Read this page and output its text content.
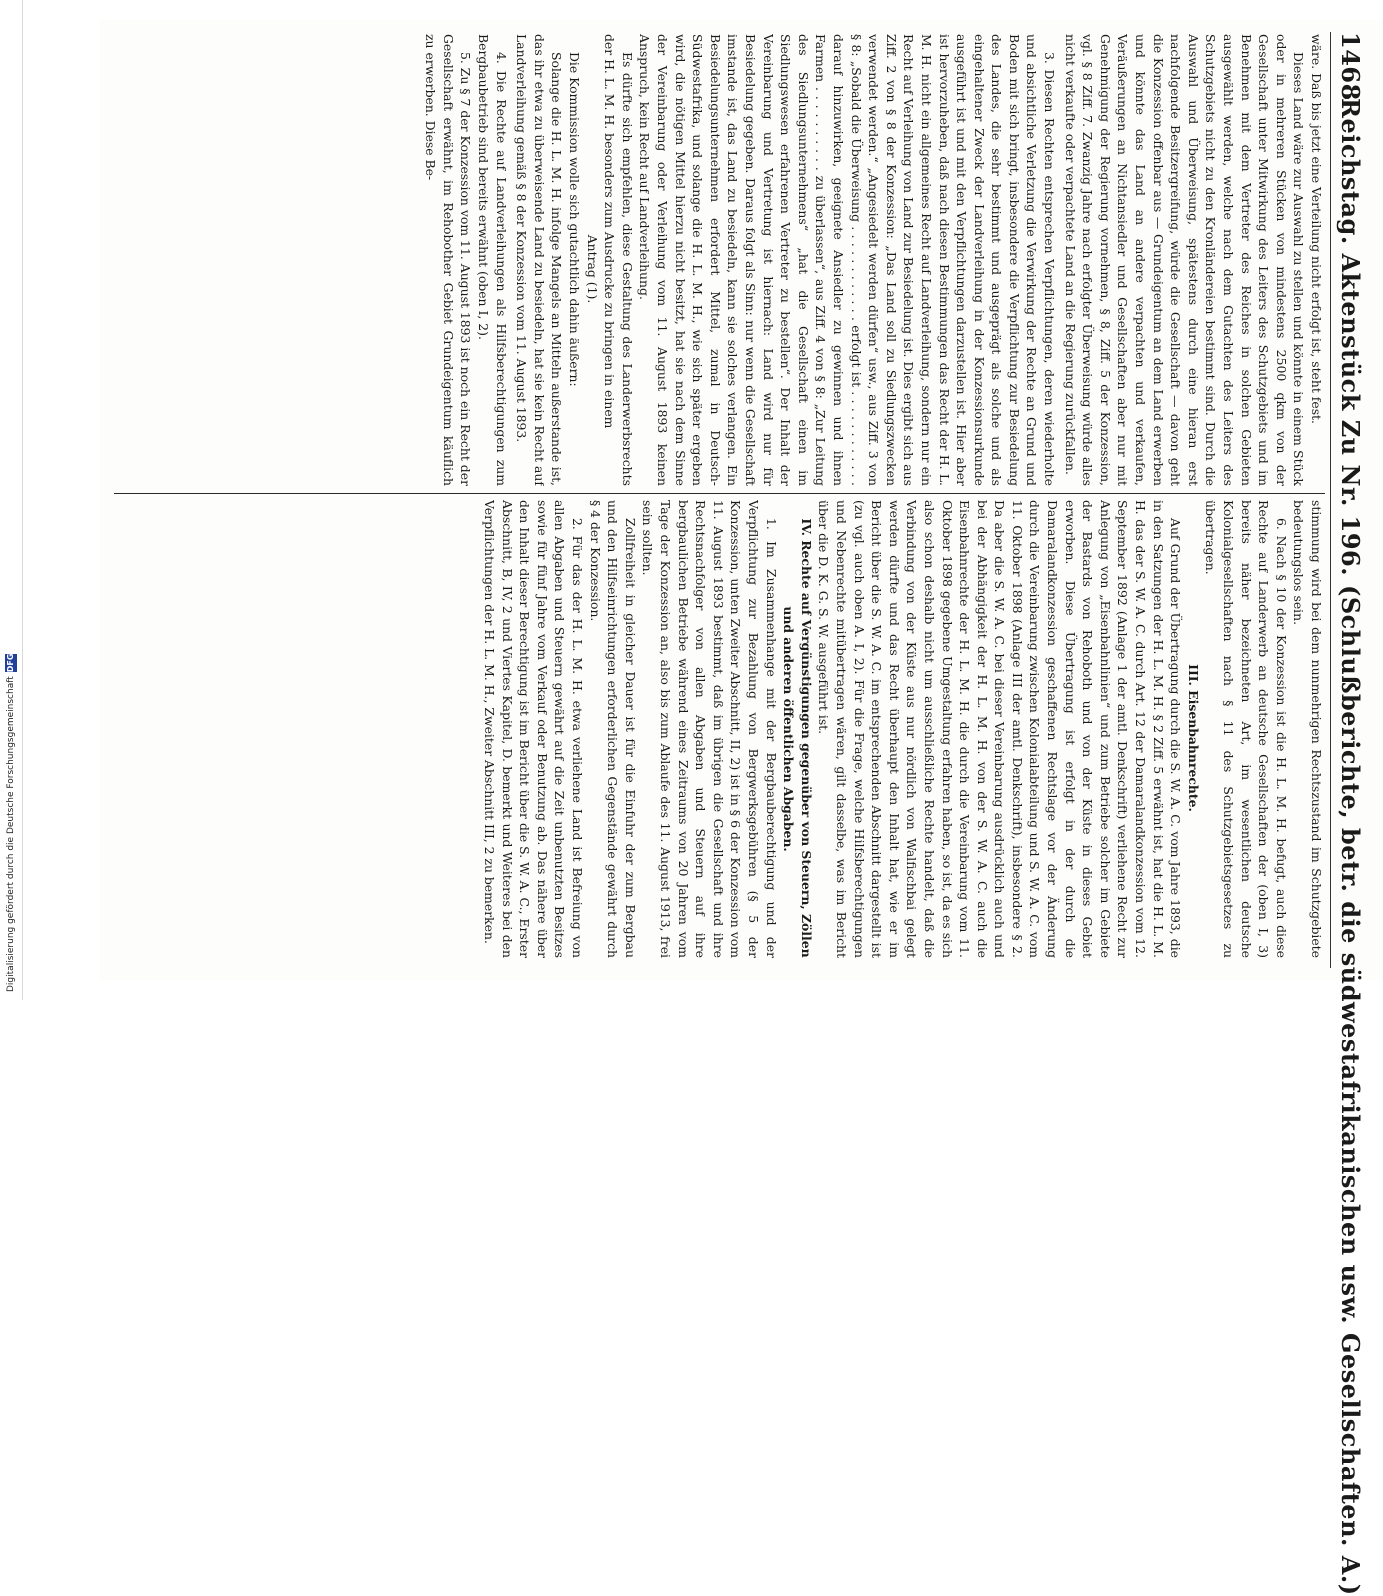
Digitalisierung gefördert durch die Deutsche Forschungsgemeinschaft
DFG
1468
Reichstag. Aktenstück Zu Nr. 196. (Schlußberichte, betr. die südwestafrikanischen usw. Gesellschaften. A.)

wäre. Daß bis jetzt eine Verteilung nicht erfolgt ist, steht fest.

Dieses Land wäre zur Auswahl zu stellen und könnte in einem Stück oder in mehreren Stücken von mindestens 2500 qkm von der Gesellschaft unter Mitwirkung des Leiters des Schutzgebiets und im Benehmen mit dem Vertreter des Reiches in solchen Gebieten ausgewählt werden, welche nach dem Gutachten des Leiters des Schutzgebiets nicht zu den Kronländereien bestimmt sind. Durch die Auswahl und Überweisung, spätestens durch eine hieran erst nachfolgende Besitzergreifung, würde die Gesellschaft — davon geht die Konzession offenbar aus — Grundeigentum an dem Land erwerben und könnte das Land an andere verpachten und verkaufen, Veräußerungen an Nichtansiedler und Gesellschaften aber nur mit Genehmigung der Regierung vornehmen, § 8, Ziff. 5 der Konzession, vgl. § 8 Ziff. 7. Zwanzig Jahre nach erfolgter Überweisung würde alles nicht verkaufte oder verpachtete Land an die Regierung zurückfallen.

3. Diesen Rechten entsprechen Verpflichtungen, deren wiederholte und absichtliche Verletzung die Verwirkung der Rechte an Grund und Boden mit sich bringt, insbesondere die Verpflichtung zur Besiedelung des Landes, die sehr bestimmt und ausgeprägt als solche und als eingehaltener Zweck der Landverleihung in der Konzessionsurkunde ausgeführt ist und mit den Verpflichtungen darzustellen ist. Hier aber ist hervorzuheben, daß nach diesen Bestimmungen das Recht der H. L. M. H. nicht ein allgemeines Recht auf Landverleihung, sondern nur ein Recht auf Verleihung von Land zur Besiedelung ist. Dies ergibt sich aus Ziff. 2 von § 8 der Konzession: „Das Land soll zu Siedlungszwecken verwendet werden.“ „Angesiedelt werden dürfen“ usw., aus Ziff. 3 von § 8: „Sobald die Überweisung . . . . . . . . . . . . erfolgt ist . . . . . . . . . . . . darauf hinzuwirken, geeignete Ansiedler zu gewinnen und ihnen Farmen . . . . . . . . . . zu überlassen“, aus Ziff. 4 von § 8: „Zur Leitung des Siedlungsunternehmens“ „hat die Gesellschaft einen im Siedlungswesen erfahrenen Vertreter zu bestellen“. Der Inhalt der Vereinbarung und Vertretung ist hiernach: Land wird nur für Besiedelung gegeben. Daraus folgt als Sinn: nur wenn die Gesellschaft imstande ist, das Land zu besiedeln, kann sie solches verlangen. Ein Besiedelungsunternehmen erfordert Mittel, zumal in Deutsch-Südwestafrika, und solange die H. L. M. H., wie sich später ergeben wird, die nötigen Mittel hierzu nicht besitzt, hat sie nach dem Sinne der Vereinbarung oder Verleihung vom 11. August 1893 keinen Anspruch, kein Recht auf Landverleihung.

Es dürfte sich empfehlen, diese Gestaltung des Landerwerbsrechts der H. L. M. H. besonders zum Ausdrucke zu bringen in einem

Antrag (1).

Die Kommission wolle sich gutachtlich dahin äußern:

Solange die H. L. M. H. infolge Mangels an Mitteln außerstande ist, das ihr etwa zu überweisende Land zu besiedeln, hat sie kein Recht auf Landverleihung gemäß § 8 der Konzession vom 11. August 1893.

4. Die Rechte auf Landverleihungen als Hilfsberechtigungen zum Bergbaubetrieb sind bereits erwähnt (oben I, 2).

5. Zu § 7 der Konzession vom 11. August 1893 ist noch ein Recht der Gesellschaft erwähnt, im Rehobother Gebiet Grundeigentum käuflich zu erwerben. Diese Be-

stimmung wird bei dem nunmehrigen Rechtszustand im Schutzgebiete bedeutungslos sein.

6. Nach § 10 der Konzession ist die H. L. M. H. befugt, auch diese Rechte auf Landerwerb an deutsche Gesellschaften der (oben I, 3) bereits näher bezeichneten Art, im wesentlichen deutsche Kolonialgesellschaften nach § 11 des Schutzgebietsgesetzes zu übertragen.

III. Eisenbahnrechte.

Auf Grund der Übertragung durch die S. W. A. C. vom Jahre 1893, die in den Satzungen der H. L. M. H. § 2 Ziff. 5 erwähnt ist, hat die H. L. M. H. das der S. W. A. C. durch Art. 12 der Damaralandkonzession vom 12. September 1892 (Anlage 1 der amtl. Denkschrift) verliehene Recht zur Anlegung von „Eisenbahnlinien“ und zum Betriebe solcher im Gebiete der Bastards von Rehoboth und von der Küste in dieses Gebiet erworben. Diese Übertragung ist erfolgt in der durch die Damaralandkonzession geschaffenen Rechtslage vor der Änderung durch die Vereinbarung zwischen Kolonialabteilung und S. W. A. C. vom 11. Oktober 1898 (Anlage III der amtl. Denkschrift), insbesondere § 2. Da aber die S. W. A. C. bei dieser Vereinbarung ausdrücklich auch und bei der Abhängigkeit der H. L. M. H. von der S. W. A. C. auch die Eisenbahnrechte der H. L. M. H. die durch die Vereinbarung vom 11. Oktober 1898 gegebene Umgestaltung erfahren haben, so ist, da es sich also schon deshalb nicht um ausschließliche Rechte handelt, daß die Verbindung von der Küste aus nur nördlich von Walfischbai gelegt werden dürfte und das Recht überhaupt den Inhalt hat, wie er im Bericht über die S. W. A. C. im entsprechenden Abschnitt dargestellt ist (zu vgl. auch oben A. I, 2). Für die Frage, welche Hilfsberechtigungen und Nebenrechte mitübertragen wären, gilt dasselbe, was im Bericht über die D. K. G. S. W. ausgeführt ist.

IV. Rechte auf Vergünstigungen gegenüber von Steuern, Zöllen und anderen öffentlichen Abgaben.

1. Im Zusammenhange mit der Bergbauberechtigung und der Verpflichtung zur Bezahlung von Bergwerksgebühren (§ 5 der Konzession, unten Zweiter Abschnitt, II, 2) ist in § 6 der Konzession vom 11. August 1893 bestimmt, daß im übrigen die Gesellschaft und ihre Rechtsnachfolger von allen Abgaben und Steuern auf ihre bergbaulichen Betriebe während eines Zeitraums von 20 Jahren vom Tage der Konzession an, also bis zum Ablaufe des 11. August 1913, frei sein sollten.

Zollfreiheit in gleicher Dauer ist für die Einfuhr der zum Bergbau und den Hilfseinrichtungen erforderlichen Gegenstände gewährt durch § 4 der Konzession.

2. Für das der H. L. M. H. etwa verliehene Land ist Befreiung von allen Abgaben und Steuern gewährt auf die Zeit unbenutzten Besitzes sowie für fünf Jahre vom Verkauf oder Benutzung ab. Das nähere über den Inhalt dieser Berechtigung ist im Bericht über die S. W. A. C., Erster Abschnitt, B, IV, 2 und Viertes Kapitel, D. bemerkt und Weiteres bei den Verpflichtungen der H. L. M. H., Zweiter Abschnitt III, 2 zu bemerken.
